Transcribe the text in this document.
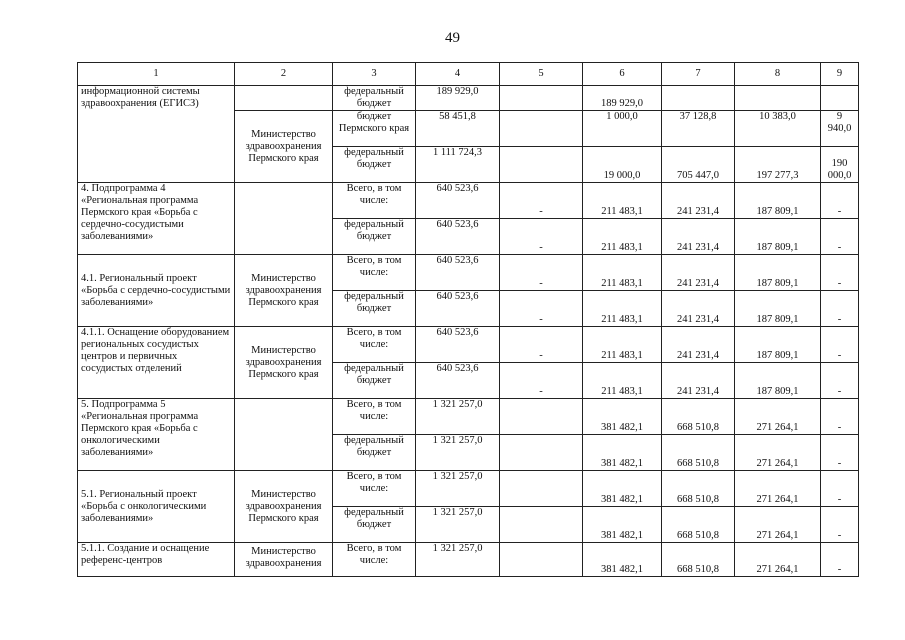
49
1	2	3	4	5	6	7	8	9
информационной системы здравоохранения (ЕГИСЗ)		федеральный бюджет	189 929,0		189 929,0			
	Министерство здравоохранения Пермского края	бюджет Пермского края	58 451,8		1 000,0	37 128,8	10 383,0	9 940,0
		федеральный бюджет	1 111 724,3		19 000,0	705 447,0	197 277,3	190 000,0
4. Подпрограмма 4 «Региональная программа Пермского края «Борьба с сердечно-сосудистыми заболеваниями»		Всего, в том числе:	640 523,6	-	211 483,1	241 231,4	187 809,1	-
		федеральный бюджет	640 523,6	-	211 483,1	241 231,4	187 809,1	-
4.1. Региональный проект «Борьба с сердечно-сосудистыми заболеваниями»	Министерство здравоохранения Пермского края	Всего, в том числе:	640 523,6	-	211 483,1	241 231,4	187 809,1	-
		федеральный бюджет	640 523,6	-	211 483,1	241 231,4	187 809,1	-
4.1.1. Оснащение оборудованием региональных сосудистых центров и первичных сосудистых отделений	Министерство здравоохранения Пермского края	Всего, в том числе:	640 523,6	-	211 483,1	241 231,4	187 809,1	-
		федеральный бюджет	640 523,6	-	211 483,1	241 231,4	187 809,1	-
5. Подпрограмма 5 «Региональная программа Пермского края «Борьба с онкологическими заболеваниями»		Всего, в том числе:	1 321 257,0		381 482,1	668 510,8	271 264,1	-
		федеральный бюджет	1 321 257,0		381 482,1	668 510,8	271 264,1	-
5.1. Региональный проект «Борьба с онкологическими заболеваниями»	Министерство здравоохранения Пермского края	Всего, в том числе:	1 321 257,0		381 482,1	668 510,8	271 264,1	-
		федеральный бюджет	1 321 257,0		381 482,1	668 510,8	271 264,1	-
5.1.1. Создание и оснащение референс-центров	Министерство здравоохранения	Всего, в том числе:	1 321 257,0		381 482,1	668 510,8	271 264,1	-
